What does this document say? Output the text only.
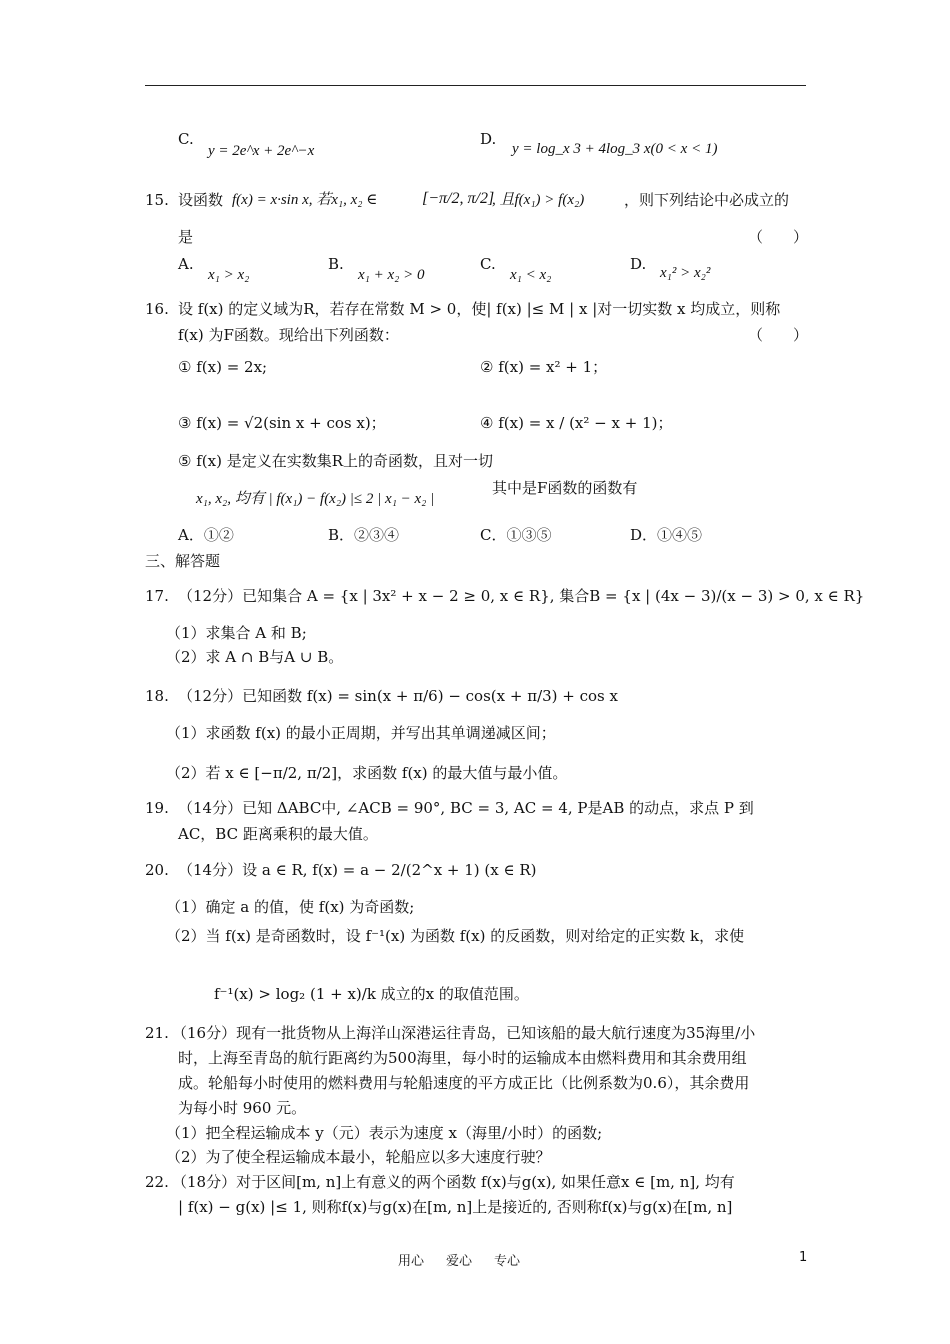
C.
y = 2e^x + 2e^−x
D.
y = log_x 3 + 4log_3 x(0 < x < 1)
15. 设函数 f(x) = x·sin x, 若x₁, x₂ ∈	[−π/2, π/2]
, 且f(x₁) > f(x₂)	，则下列结论中必成立的
是	（　　）
A.
x₁ > x₂
B.
x₁ + x₂ > 0
C.
x₁ < x₂
D. x₁² > x₂²
16. 设 f(x) 的定义域为R，若存在常数 M > 0，使| f(x) |≤ M | x |对一切实数 x 均成立，则称
f(x) 为F函数。现给出下列函数：	（　　）
① f(x) = 2x;	② f(x) = x² + 1；
③ f(x) = √2(sin x + cos x)；	④ f(x) = x / (x² − x + 1)；
⑤ f(x) 是定义在实数集R上的奇函数，且对一切
x₁, x₂, 均有 | f(x₁) − f(x₂) |≤ 2 | x₁ − x₂ |
其中是F函数的函数有
A．①②	B．②③④	C．①③⑤	D．①④⑤
三、解答题
17. （12分）已知集合 A = {x | 3x² + x − 2 ≥ 0, x ∈ R}, 集合B = {x | (4x − 3)/(x − 3) > 0, x ∈ R}
（1）求集合 A 和 B;
（2）求 A ∩ B与A ∪ B。
18. （12分）已知函数 f(x) = sin(x + π/6) − cos(x + π/3) + cos x
（1）求函数 f(x) 的最小正周期，并写出其单调递减区间；
（2）若 x ∈ [−π/2, π/2]，求函数 f(x) 的最大值与最小值。
19. （14分）已知 ΔABC中, ∠ACB = 90°, BC = 3, AC = 4, P是AB 的动点，求点 P 到
AC，BC 距离乘积的最大值。
20. （14分）设 a ∈ R, f(x) = a − 2/(2^x + 1) (x ∈ R)
（1）确定 a 的值，使 f(x) 为奇函数;
（2）当 f(x) 是奇函数时，设 f⁻¹(x) 为函数 f(x) 的反函数，则对给定的正实数 k，求使
f⁻¹(x) > log₂ (1 + x)/k 成立的x 的取值范围。
21. （16分）现有一批货物从上海洋山深港运往青岛，已知该船的最大航行速度为35海里/小
时，上海至青岛的航行距离约为500海里，每小时的运输成本由燃料费用和其余费用组
成。轮船每小时使用的燃料费用与轮船速度的平方成正比（比例系数为0.6），其余费用
为每小时 960 元。
（1）把全程运输成本 y（元）表示为速度 x（海里/小时）的函数;
（2）为了使全程运输成本最小，轮船应以多大速度行驶？
22. （18分）对于区间[m, n]上有意义的两个函数 f(x)与g(x), 如果任意x ∈ [m, n], 均有
| f(x) − g(x) |≤ 1, 则称f(x)与g(x)在[m, n]上是接近的, 否则称f(x)与g(x)在[m, n]
用心 爱心 专心	1
